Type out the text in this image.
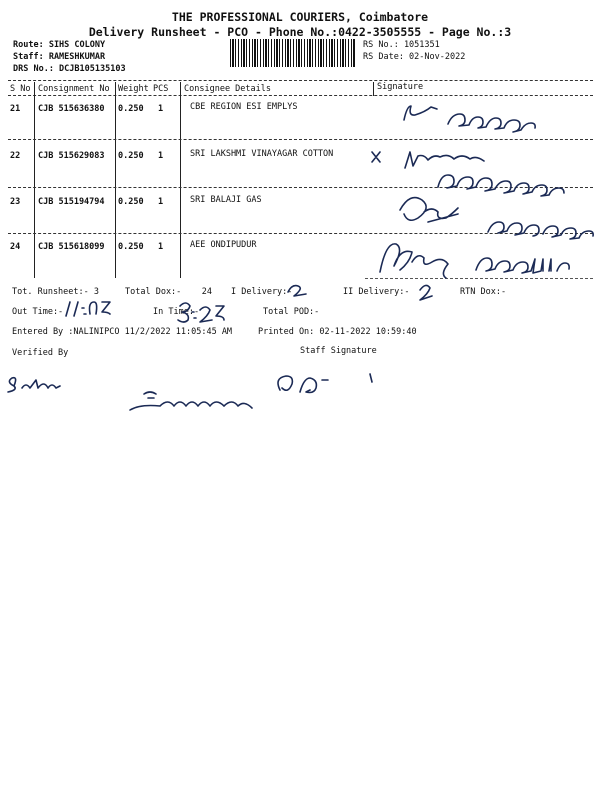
THE PROFESSIONAL COURIERS, Coimbatore
Delivery Runsheet - PCO - Phone No.:0422-3505555 - Page No.:3
Route: SIHS COLONY
Staff: RAMESHKUMAR
DRS No.: DCJB105135103
RS No.: 1051351
RS Date: 02-Nov-2022
S No Consignment No Weight PCS Consignee Details	Signature
21 CJB 515636380 0.250 1	CBE REGION ESI EMPLYS
22 CJB 515629083 0.250 1	SRI LAKSHMI VINAYAGAR COTTON
23 CJB 515194794 0.250 1	SRI BALAJI GAS
24 CJB 515618099 0.250 1	AEE ONDIPUDUR
Tot. Runsheet:- 3	Total Dox:-    24 I Delivery:-	II Delivery:-	RTN Dox:-
Out Time:-	In Time:-	Total POD:-
Entered By :NALINIPCO 11/2/2022 11:05:45 AM	Printed On: 02-11-2022 10:59:40
Verified By	Staff Signature
